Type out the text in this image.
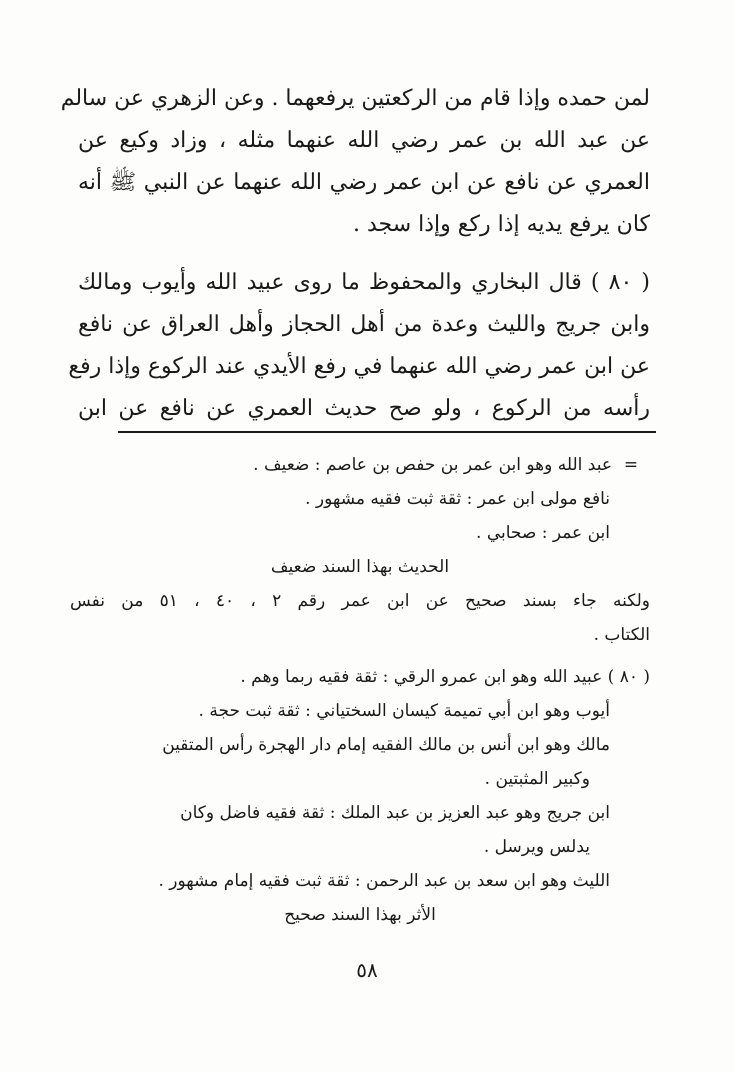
لمن حمده وإذا قام من الركعتين يرفعهما . وعن الزهري عن سالم
عن عبد الله بن عمر رضي الله عنهما مثله ، وزاد وكيع عن
العمري عن نافع عن ابن عمر رضي الله عنهما عن النبي ﷺ أنه
كان يرفع يديه إذا ركع وإذا سجد .

( ٨٠ ) قال البخاري والمحفوظ ما روى عبيد الله وأيوب ومالك
وابن جريج والليث وعدة من أهل الحجاز وأهل العراق عن نافع
عن ابن عمر رضي الله عنهما في رفع الأيدي عند الركوع وإذا رفع
رأسه من الركوع ، ولو صح حديث العمري عن نافع عن ابن

=عبد الله وهو ابن عمر بن حفص بن عاصم : ضعيف .
نافع مولى ابن عمر : ثقة ثبت فقيه مشهور .
ابن عمر : صحابي .
الحديث بهذا السند ضعيف
ولكنه جاء بسند صحيح عن ابن عمر رقم ٢ ، ٤٠ ، ٥١ من نفس
الكتاب .
( ٨٠ ) عبيد الله وهو ابن عمرو الرقي : ثقة فقيه ربما وهم .
أيوب وهو ابن أبي تميمة كيسان السختياني : ثقة ثبت حجة .
مالك وهو ابن أنس بن مالك الفقيه إمام دار الهجرة رأس المتقين
وكبير المثبتين .
ابن جريج وهو عبد العزيز بن عبد الملك : ثقة فقيه فاضل وكان
يدلس ويرسل .
الليث وهو ابن سعد بن عبد الرحمن : ثقة ثبت فقيه إمام مشهور .
الأثر بهذا السند صحيح
٥٨
